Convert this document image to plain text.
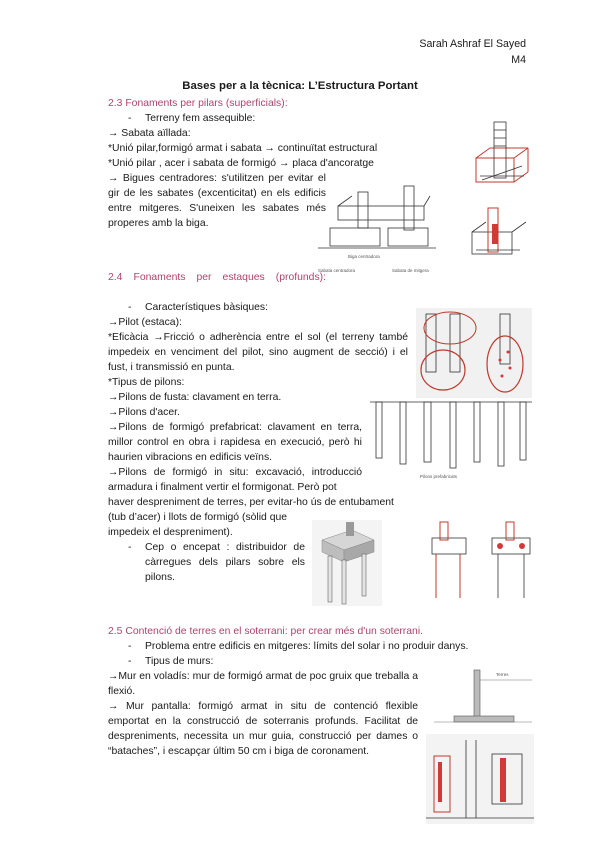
Sarah Ashraf El Sayed
M4
Bases per a la tècnica: L’Estructura Portant
2.3 Fonaments per pilars (superficials):
- Terreny fem assequible:
→ Sabata aïllada:
*Unió pilar,formigó armat i sabata → continuïtat estructural
*Unió pilar , acer i sabata de formigó → placa d'ancoratge
→ Bigues centradores: s'utilitzen per evitar el gir de les sabates (excenticitat) en els edificis entre mitgeres. S'uneixen les sabates més properes amb la biga.
Biga centradora
Sabata centradora	Sabata de mitgera
2.4 Fonaments per estaques (profunds):
- Característiques bàsiques:
→Pilot (estaca):
*Eficàcia →Fricció o adherència entre el sol (el terreny també impedeix en venciment del pilot, sino augment de secció) i el fust, i transmissió en punta.
*Tipus de pilons:
→Pilons de fusta: clavament en terra.
→Pilons d'acer.
→Pilons de formigó prefabricat: clavament en terra, millor control en obra i rapidesa en execució, però hi haurien vibracions en edificis veïns.
→Pilons de formigó in situ: excavació, introducció armadura i finalment vertir el formigonat. Però pot
haver despreniment de terres, per evitar-ho ús de entubament
(tub d’acer) i llots de formigó (sòlid que
impedeix el despreniment).
- Cep o encepat : distribuidor de càrregues dels pilars sobre els pilons.
Pilons prefabricats
2.5 Contenció de terres en el soterrani: per crear més d'un soterrani.
- Problema entre edificis en mitgeres: límits del solar i no produir danys.
- Tipus de murs:
→Mur en voladís: mur de formigó armat de poc gruix que treballa a flexió.
→ Mur pantalla: formigó armat in situ de contenció flexible emportat en la construcció de soterranis profunds. Facilitat de despreniments, necessita un mur guia, construcció per dames o “bataches”, i escapçar últim 50 cm i biga de coronament.
Terres
